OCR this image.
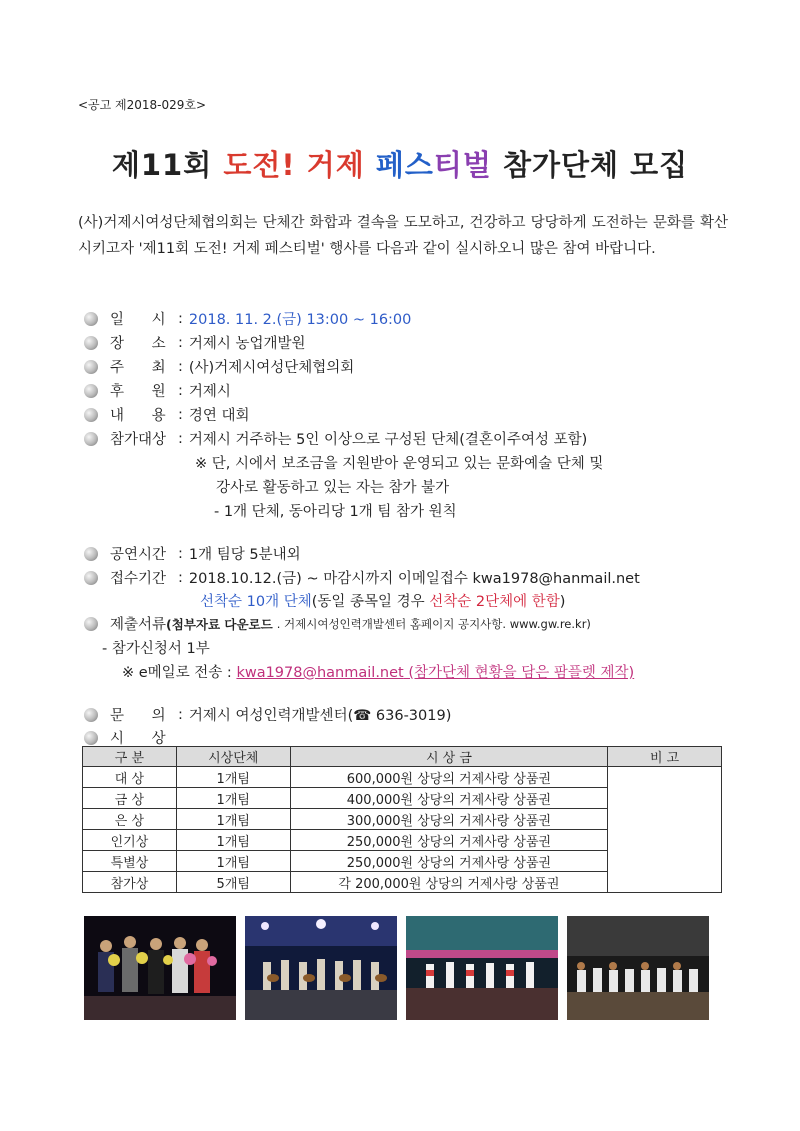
<공고 제2018-029호>
제11회 도전! 거제 페스티벌 참가단체 모집
(사)거제시여성단체협의회는 단체간 화합과 결속을 도모하고, 건강하고 당당하게 도전하는 문화를 확산시키고자 '제11회 도전! 거제 페스티벌' 행사를 다음과 같이 실시하오니 많은 참여 바랍니다.
일      시 : 2018. 11. 2.(금) 13:00 ~ 16:00
장      소 : 거제시 농업개발원
주      최 : (사)거제시여성단체협의회
후      원 : 거제시
내      용 : 경연 대회
참가대상 : 거제시 거주하는 5인 이상으로 구성된 단체(결혼이주여성 포함)
※ 단, 시에서 보조금을 지원받아 운영되고 있는 문화예술 단체 및
강사로 활동하고 있는 자는 참가 불가
- 1개 단체, 동아리당 1개 팀 참가 원칙
공연시간 : 1개 팀당 5분내외
접수기간 : 2018.10.12.(금) ~ 마감시까지 이메일접수 kwa1978@hanmail.net
선착순 10개 단체(동일 종목일 경우 선착순 2단체에 한함)
제출서류 (첨부자료 다운로드 . 거제시여성인력개발센터 홈페이지 공지사항. www.gw.re.kr)
- 참가신청서 1부
※ e메일로 전송 : kwa1978@hanmail.net (참가단체 현황을 담은 팜플렛 제작)
문      의 : 거제시 여성인력개발센터(☎ 636-3019)
시      상
구 분	시상단체	시 상 금	비 고
대 상	1개팀	600,000원 상당의 거제사랑 상품권	
금 상	1개팀	400,000원 상당의 거제사랑 상품권	
은 상	1개팀	300,000원 상당의 거제사랑 상품권	
인기상	1개팀	250,000원 상당의 거제사랑 상품권	
특별상	1개팀	250,000원 상당의 거제사랑 상품권	
참가상	5개팀	각 200,000원 상당의 거제사랑 상품권	
